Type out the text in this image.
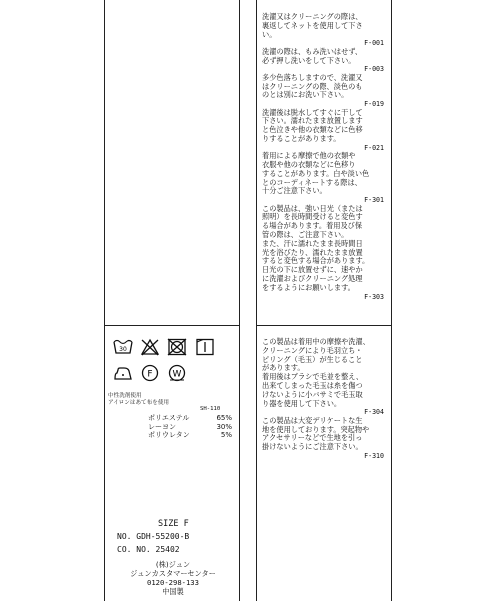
洗濯又はクリーニングの際は、
裏返してネットを使用して下さ
い。
F-001
洗濯の際は、もみ洗いはせず、
必ず押し洗いをして下さい。
F-003
多少色落ちしますので、洗濯又
はクリーニングの際、淡色のも
のとは別にお洗い下さい。
F-019
洗濯後は脱水してすぐに干して
下さい。濡れたまま放置します
と色泣きや他の衣類などに色移
りすることがあります。
F-021
着用による摩擦で他の衣類や
衣服や他の衣類などに色移り
することがあります。白や淡い色
とのコーディネートする際は、
十分ご注意下さい。
F-301
この製品は、強い日光（または
照明）を長時間受けると変色す
る場合があります。着用及び保
管の際は、ご注意下さい。
また、汗に濡れたまま長時間日
光を浴びたり、濡れたまま放置
すると変色する場合があります。
日光の下に放置せずに、速やか
に洗濯およびクリーニング処理
をするようにお願いします。
F-303
この製品は着用中の摩擦や洗濯、
クリーニングにより毛羽立ち・
ピリング（毛玉）が生じること
があります。
着用後はブラシで毛並を整え、
出来てしまった毛玉は糸を傷つ
けないように小バサミで毛玉取
り器を使用して下さい。
F-304
この製品は大変デリケートな生
地を使用しております。突起物や
アクセサリーなどで生地を引っ
掛けないようにご注意下さい。
F-310
30
F W
中性洗剤使用
アイロンはあて布を使用
SH-110
ポリエステル	65%
レーヨン	30%
ポリウレタン	5%
SIZE F
NO. GDH-55200-B
CO. NO. 25402
(株)ジュン
ジュンカスタマーセンター
0120-298-133
中国製
